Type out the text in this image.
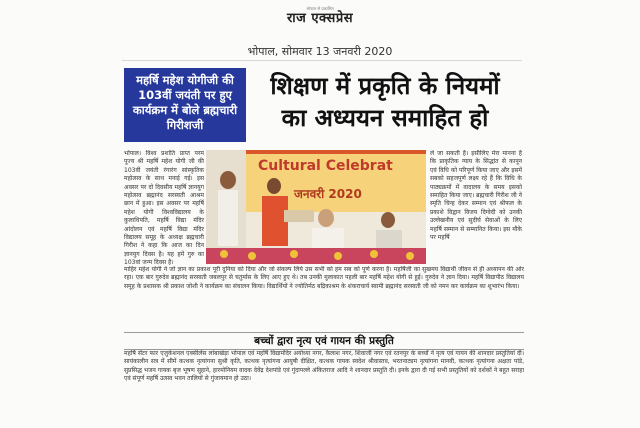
भोपाल से प्रकाशित
राज एक्सप्रेस
भोपाल, सोमवार 13 जनवरी 2020
महर्षि महेश योगीजी की 103वीं जयंती पर हुए कार्यक्रम में बोले ब्रह्मचारी गिरीशजी
शिक्षण में प्रकृति के नियमों का अध्ययन समाहित हो
भोपाल। विश्व प्रशांति प्राप्त परम पूज्य श्री महर्षि महेश योगी जी की 103वीं जयंती रंगारंग सांस्कृतिक महोत्सव के साथ मनाई गई। इस अवसर पर दो दिवसीय महर्षि ज्ञानयुग महोत्सव ब्रह्मानंद सरस्वती आश्रम छान में हुआ। इस अवसर पर महर्षि महेश योगी विश्वविद्यालय के कुलाधिपति, महर्षि विद्या मंदिर आंदोलन एवं महर्षि विद्या मंदिर विद्यालय समूह के अध्यक्ष ब्रह्मचारी गिरीश ने कहा कि आज का दिन ज्ञानयुग दिवस है। यह हमें गुरु का 103वां जन्म दिवस है।
Cultural Celebrat
जनवरी 2020
ले जा सकती है। इसीलिए मेरा मानना है कि प्राकृतिक न्याय के सिद्धांत से कानून एवं विधि को परिपूर्ण किया जाए और इसमें सबको सहजपूर्ण लक्ष्य रहे हैं कि विधि के पाठ्यक्रमों में वादालय के समय इसको समाहित किया जाए। ब्रह्मचारी गिरीश जी ने स्मृति चिन्ह देकर सम्मान एवं श्रीफल के प्रकाशे विद्वान विजय दिग्वेदी को उनकी उल्लेखनीय एवं सुदीर्घ सेवाओं के लिए महर्षि सम्मान से सम्मानित किया। इस मौके पर महर्षि
माहिर महेश योगी ने जो ज्ञान का प्रकाश पूरी दुनिया को दिया और जो संकल्प लिये उस सभी को हम सब को पूर्ण करना है। महर्षिजी का सुखमय विद्यार्थी जीवन से ही अध्यापन की ओर रहा। एक बार गुरुदेव ब्रह्मानंद सरस्वती जबलपुर से चतुर्मास के लिए आए हुए थे। तब उनकी मुलाकात पहली बार महर्षि महेश योगी से हुई। गुरुदेव ने ज्ञान दिया। महर्षि विद्यापीठ विद्यालय समूह के प्रशासक श्री प्रकाश जोशी ने कार्यक्रम का संचालन किया। विद्यार्थियों ने ज्योतिर्मठ बद्रिकाश्रम के शंकराचार्य स्वामी ब्रह्मानंद सरस्वती जी को नमन कर कार्यक्रम का शुभारंभ किया।
बच्चों द्वारा नृत्य एवं गायन की प्रस्तुति
महर्षि सेंटर फार एजुकेशनल एक्सीलेंस लांबाखेड़ा भोपाल एवं महर्षि विद्यामंदिर अयोध्या नगर, कैलाश नगर, शिवाजी नगर एवं रतनपुर के बच्चों ने नृत्य एवं गायन की शानदार प्रस्तुतियां दी। सायंकालीन सत्र में सीमें कत्थक नृत्यांगना सुश्री कृति, कत्थक नृत्यांगना आयुषी दीक्षित, कत्थक गायक स्वदेश श्रीवास्तव, भरतनाट्यम नृत्यांगना मानवी, कत्थक नृत्यांगना अक्षता पांडे, सुप्रसिद्ध भजन गायक बृज भूषण सुहाने, हारमोनियम वादक देवेंद्र देशपांडे एवं गुंदापल्ले अंकितराज आदि ने शानदार प्रस्तुति दी। इनके द्वारा दी गई सभी प्रस्तुतियों को दर्शकों ने बहुत सराहा एवं संपूर्ण महर्षि उत्सव भवन तालियों से गुंजायमान हो उठा।
